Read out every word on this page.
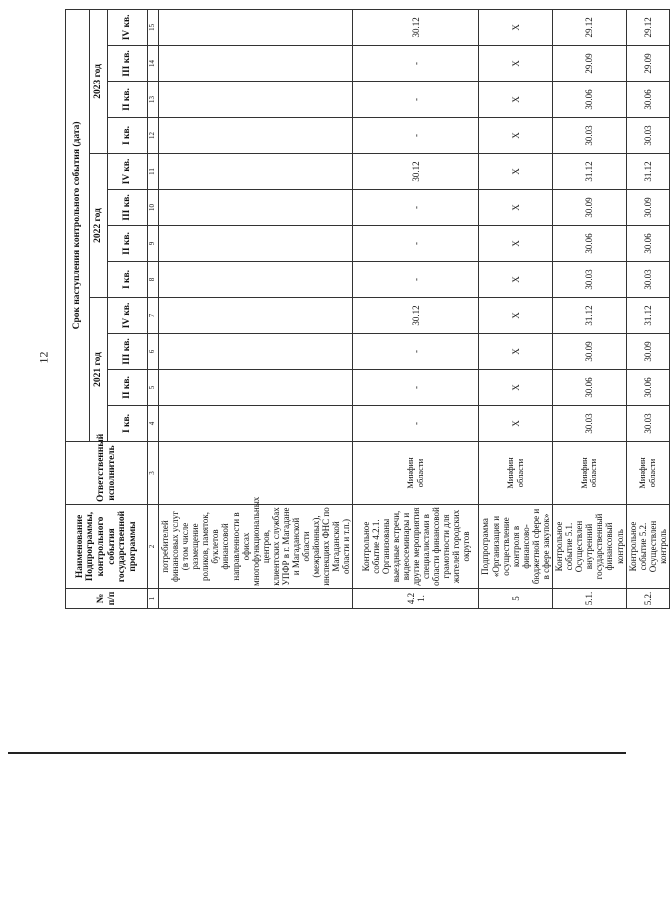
12
№ п/п	Наименование Подпрограммы, контрольного события государственной программы	Ответственный исполнитель	Срок наступления контрольного события (дата)											
			2021 год				2022 год				2023 год			
			I кв.	II кв.	III кв.	IV кв.	I кв.	II кв.	III кв.	IV кв.	I кв.	II кв.	III кв.	IV кв.
1	2	3	4	5	6	7	8	9	10	11	12	13	14	15
	потребителей финансовых услуг (в том числе размещение роликов, памяток, буклетов финансовой направленности в офисах многофункциональных центров, клиентских службах УПФР в г. Магадане и Магаданской области (межрайонных), инспекциях ФНС по Магаданской области и т.п.)													
4.2 1.	Контрольное событие 4.2.1. Организованы выездные встречи, видеосеминары и другие мероприятия специалистами в области финансовой грамотности для жителей городских округов	Минфин области	-	-	-	30.12	-	-	-	30.12	-	-	-	30.12
5	Подпрограмма «Организация и осуществление контроля в финансово-бюджетной сфере и в сфере закупок»	Минфин области	X	X	X	X	X	X	X	X	X	X	X	X
5.1.	Контрольное событие 5.1. Осуществлен внутренний государственный финансовый контроль	Минфин области	30.03	30.06	30.09	31.12	30.03	30.06	30.09	31.12	30.03	30.06	29.09	29.12
5.2.	Контрольное событие 5.2. Осуществлен контроль	Минфин области	30.03	30.06	30.09	31.12	30.03	30.06	30.09	31.12	30.03	30.06	29.09	29.12
